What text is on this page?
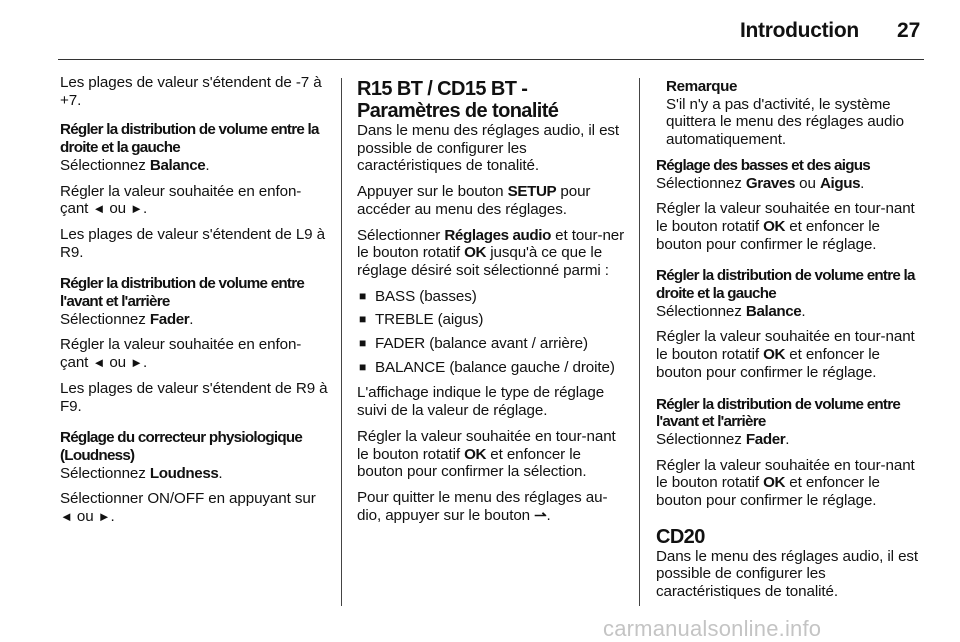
Introduction 27

Les plages de valeur s'étendent de -7 à +7.

Régler la distribution de volume entre la droite et la gauche

Sélectionnez Balance.

Régler la valeur souhaitée en enfon-çant ◄ ou ►.

Les plages de valeur s'étendent de L9 à R9.

Régler la distribution de volume entre l'avant et l'arrière

Sélectionnez Fader.

Régler la valeur souhaitée en enfon-çant ◄ ou ►.

Les plages de valeur s'étendent de R9 à F9.

Réglage du correcteur physiologique (Loudness)

Sélectionnez Loudness.

Sélectionner ON/OFF en appuyant sur ◄ ou ►.

R15 BT / CD15 BT - Paramètres de tonalité

Dans le menu des réglages audio, il est possible de configurer les caractéristiques de tonalité.

Appuyer sur le bouton SETUP pour accéder au menu des réglages.

Sélectionner Réglages audio et tour-ner le bouton rotatif OK jusqu'à ce que le réglage désiré soit sélectionné parmi :

■ BASS (basses)
■ TREBLE (aigus)
■ FADER (balance avant / arrière)
■ BALANCE (balance gauche / droite)

L'affichage indique le type de réglage suivi de la valeur de réglage.

Régler la valeur souhaitée en tour-nant le bouton rotatif OK et enfoncer le bouton pour confirmer la sélection.

Pour quitter le menu des réglages au-dio, appuyer sur le bouton ⇀.

Remarque
S'il n'y a pas d'activité, le système quittera le menu des réglages audio automatiquement.
Réglage des basses et des aigus

Sélectionnez Graves ou Aigus.

Régler la valeur souhaitée en tour-nant le bouton rotatif OK et enfoncer le bouton pour confirmer le réglage.

Régler la distribution de volume entre la droite et la gauche

Sélectionnez Balance.

Régler la valeur souhaitée en tour-nant le bouton rotatif OK et enfoncer le bouton pour confirmer le réglage.

Régler la distribution de volume entre l'avant et l'arrière

Sélectionnez Fader.

Régler la valeur souhaitée en tour-nant le bouton rotatif OK et enfoncer le bouton pour confirmer le réglage.

CD20

Dans le menu des réglages audio, il est possible de configurer les caractéristiques de tonalité.

carmanualsonline.info
